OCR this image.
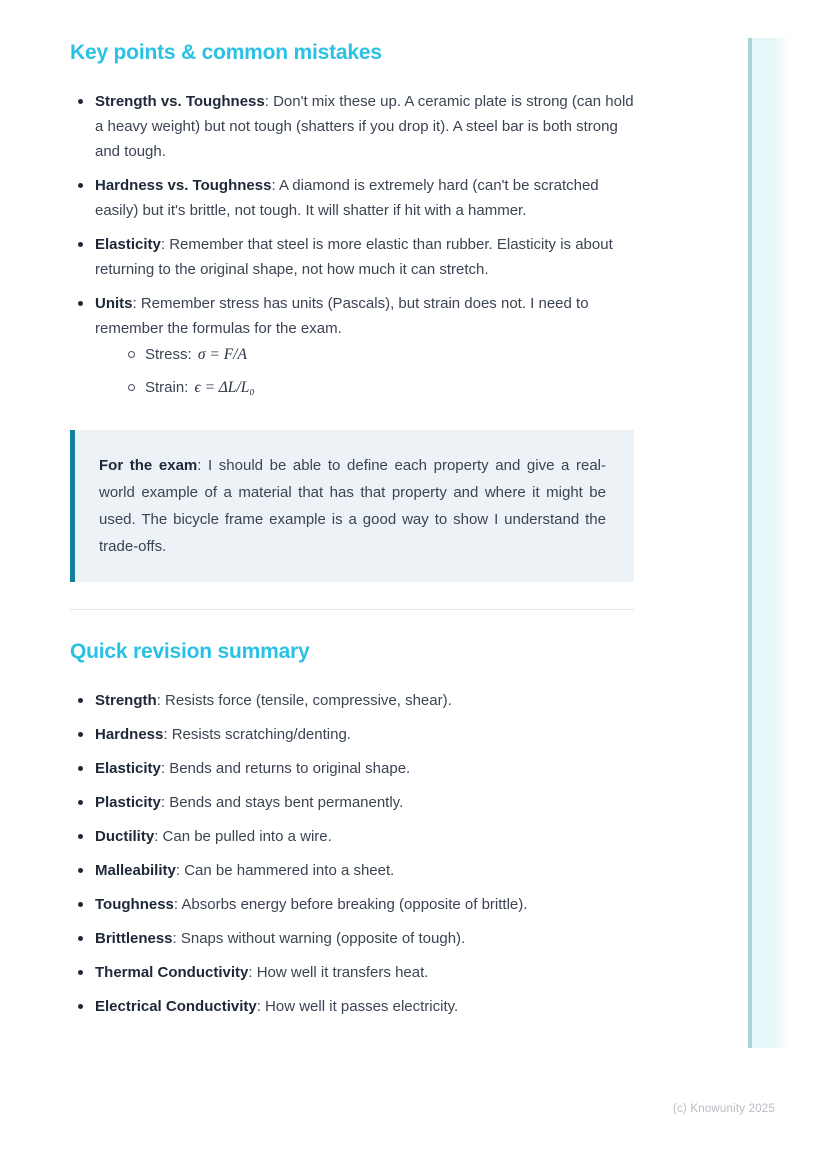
Key points & common mistakes
Strength vs. Toughness: Don't mix these up. A ceramic plate is strong (can hold a heavy weight) but not tough (shatters if you drop it). A steel bar is both strong and tough.
Hardness vs. Toughness: A diamond is extremely hard (can't be scratched easily) but it's brittle, not tough. It will shatter if hit with a hammer.
Elasticity: Remember that steel is more elastic than rubber. Elasticity is about returning to the original shape, not how much it can stretch.
Units: Remember stress has units (Pascals), but strain does not. I need to remember the formulas for the exam.
Stress: σ = F/A
Strain: ϵ = ΔL/L₀

For the exam: I should be able to define each property and give a real-world example of a material that has that property and where it might be used. The bicycle frame example is a good way to show I understand the trade-offs.

Quick revision summary
Strength: Resists force (tensile, compressive, shear).
Hardness: Resists scratching/denting.
Elasticity: Bends and returns to original shape.
Plasticity: Bends and stays bent permanently.
Ductility: Can be pulled into a wire.
Malleability: Can be hammered into a sheet.
Toughness: Absorbs energy before breaking (opposite of brittle).
Brittleness: Snaps without warning (opposite of tough).
Thermal Conductivity: How well it transfers heat.
Electrical Conductivity: How well it passes electricity.
(c) Knowunity 2025
